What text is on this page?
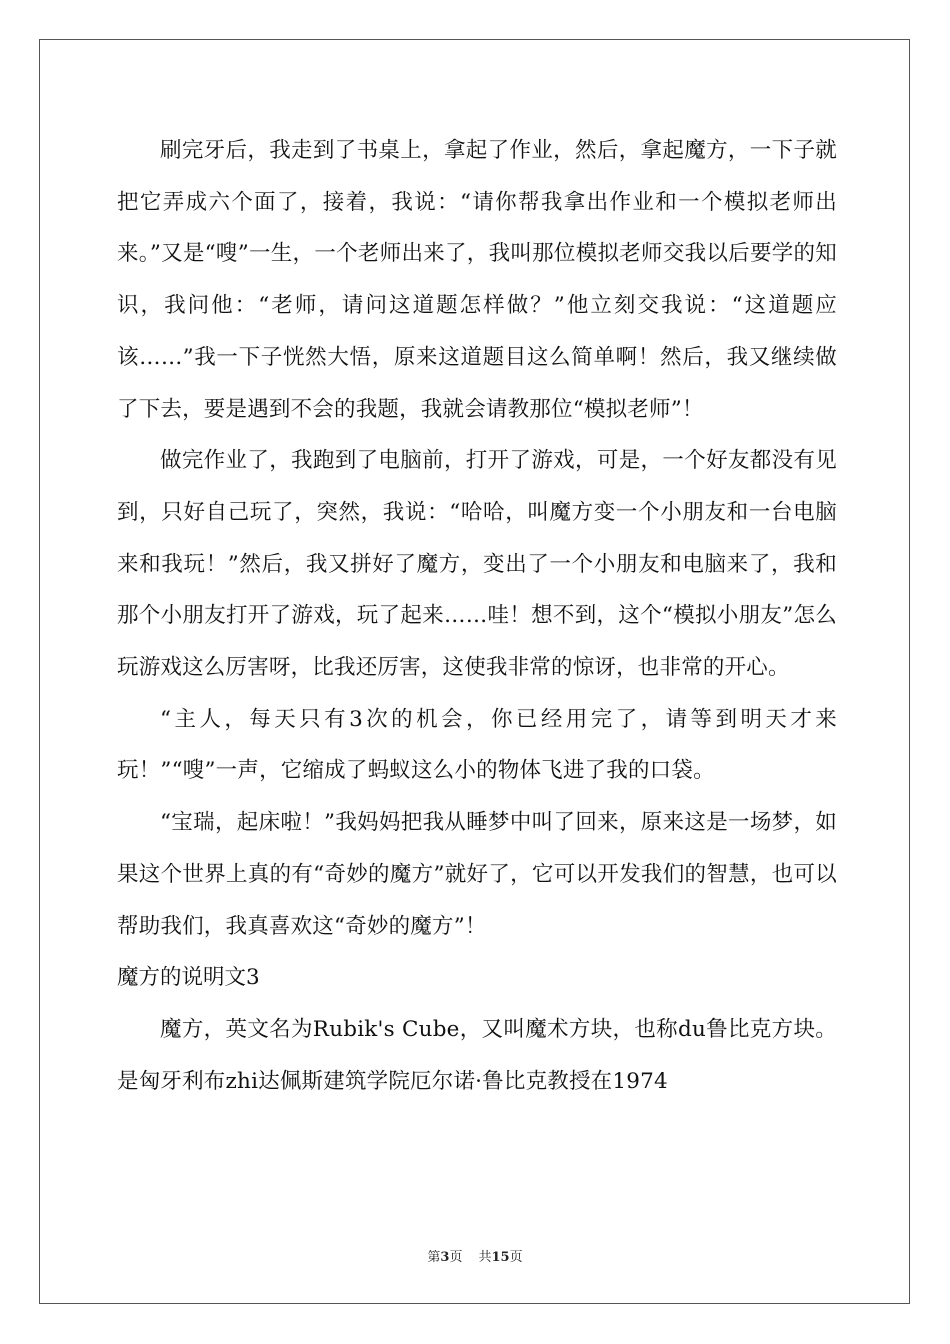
刷完牙后，我走到了书桌上，拿起了作业，然后，拿起魔方，一下子就把它弄成六个面了，接着，我说：“请你帮我拿出作业和一个模拟老师出来。”又是“嗖”一生，一个老师出来了，我叫那位模拟老师交我以后要学的知识，我问他：“老师，请问这道题怎样做？”他立刻交我说：“这道题应该……”我一下子恍然大悟，原来这道题目这么简单啊！然后，我又继续做了下去，要是遇到不会的我题，我就会请教那位“模拟老师”！

做完作业了，我跑到了电脑前，打开了游戏，可是，一个好友都没有见到，只好自己玩了，突然，我说：“哈哈，叫魔方变一个小朋友和一台电脑来和我玩！”然后，我又拼好了魔方，变出了一个小朋友和电脑来了，我和那个小朋友打开了游戏，玩了起来……哇！想不到，这个“模拟小朋友”怎么玩游戏这么厉害呀，比我还厉害，这使我非常的惊讶，也非常的开心。

“主人，每天只有3次的机会，你已经用完了，请等到明天才来玩！”“嗖”一声，它缩成了蚂蚁这么小的物体飞进了我的口袋。

“宝瑞，起床啦！”我妈妈把我从睡梦中叫了回来，原来这是一场梦，如果这个世界上真的有“奇妙的魔方”就好了，它可以开发我们的智慧，也可以帮助我们，我真喜欢这“奇妙的魔方”！

魔方的说明文3

魔方，英文名为Rubik's Cube，又叫魔术方块，也称du鲁比克方块。是匈牙利布zhi达佩斯建筑学院厄尔诺·鲁比克教授在1974

第3页 共15页
